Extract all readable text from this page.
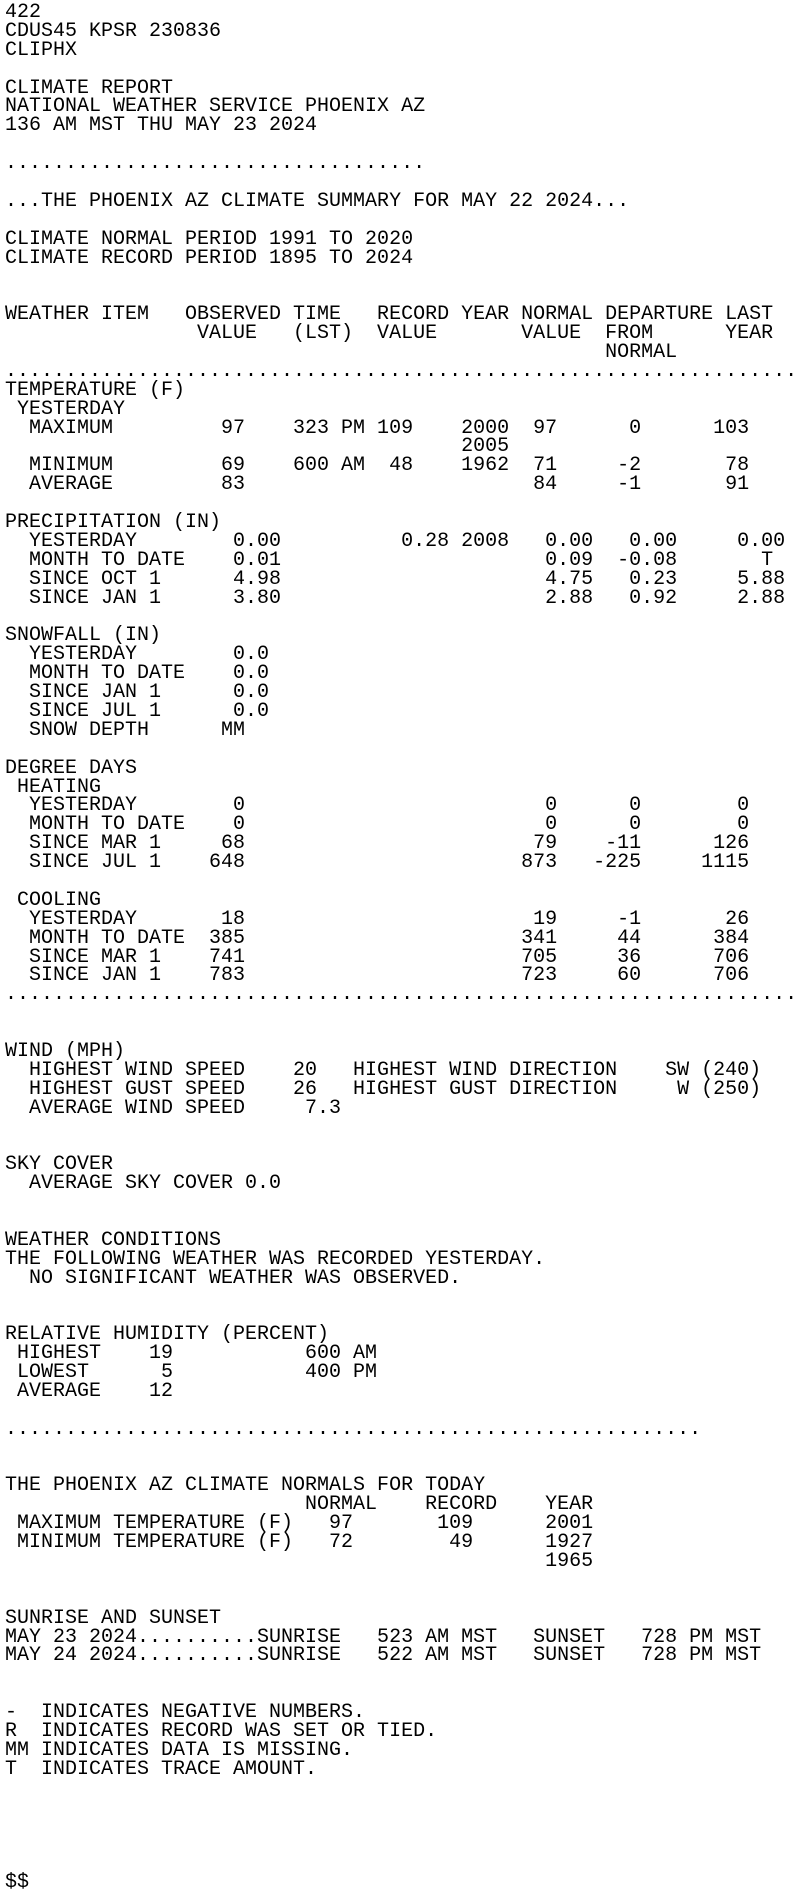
422
CDUS45 KPSR 230836
CLIPHX
CLIMATE REPORT
NATIONAL WEATHER SERVICE PHOENIX AZ
136 AM MST THU MAY 23 2024
...................................
...THE PHOENIX AZ CLIMATE SUMMARY FOR MAY 22 2024...
CLIMATE NORMAL PERIOD 1991 TO 2020
CLIMATE RECORD PERIOD 1895 TO 2024
WEATHER ITEM   OBSERVED TIME   RECORD YEAR NORMAL DEPARTURE LAST
VALUE   (LST)  VALUE       VALUE  FROM      YEAR
NORMAL
..................................................................
TEMPERATURE (F)
YESTERDAY
MAXIMUM         97    323 PM 109    2000  97      0      103
2005
MINIMUM         69    600 AM  48    1962  71     -2       78
AVERAGE         83                        84     -1       91
PRECIPITATION (IN)
YESTERDAY        0.00          0.28 2008   0.00   0.00     0.00
MONTH TO DATE    0.01                      0.09  -0.08       T
SINCE OCT 1      4.98                      4.75   0.23     5.88
SINCE JAN 1      3.80                      2.88   0.92     2.88
SNOWFALL (IN)
YESTERDAY        0.0
MONTH TO DATE    0.0
SINCE JAN 1      0.0
SINCE JUL 1      0.0
SNOW DEPTH      MM
DEGREE DAYS
HEATING
YESTERDAY        0                         0      0        0
MONTH TO DATE    0                         0      0        0
SINCE MAR 1     68                        79    -11      126
SINCE JUL 1    648                       873   -225     1115
COOLING
YESTERDAY       18                        19     -1       26
MONTH TO DATE  385                       341     44      384
SINCE MAR 1    741                       705     36      706
SINCE JAN 1    783                       723     60      706
..................................................................
WIND (MPH)
HIGHEST WIND SPEED    20   HIGHEST WIND DIRECTION    SW (240)
HIGHEST GUST SPEED    26   HIGHEST GUST DIRECTION     W (250)
AVERAGE WIND SPEED     7.3
SKY COVER
AVERAGE SKY COVER 0.0
WEATHER CONDITIONS
THE FOLLOWING WEATHER WAS RECORDED YESTERDAY.
NO SIGNIFICANT WEATHER WAS OBSERVED.
RELATIVE HUMIDITY (PERCENT)
HIGHEST    19           600 AM
LOWEST      5           400 PM
AVERAGE    12
..........................................................
THE PHOENIX AZ CLIMATE NORMALS FOR TODAY
NORMAL    RECORD    YEAR
MAXIMUM TEMPERATURE (F)   97       109      2001
MINIMUM TEMPERATURE (F)   72        49      1927
1965
SUNRISE AND SUNSET
MAY 23 2024..........SUNRISE   523 AM MST   SUNSET   728 PM MST
MAY 24 2024..........SUNRISE   522 AM MST   SUNSET   728 PM MST
-  INDICATES NEGATIVE NUMBERS.
R  INDICATES RECORD WAS SET OR TIED.
MM INDICATES DATA IS MISSING.
T  INDICATES TRACE AMOUNT.
$$
